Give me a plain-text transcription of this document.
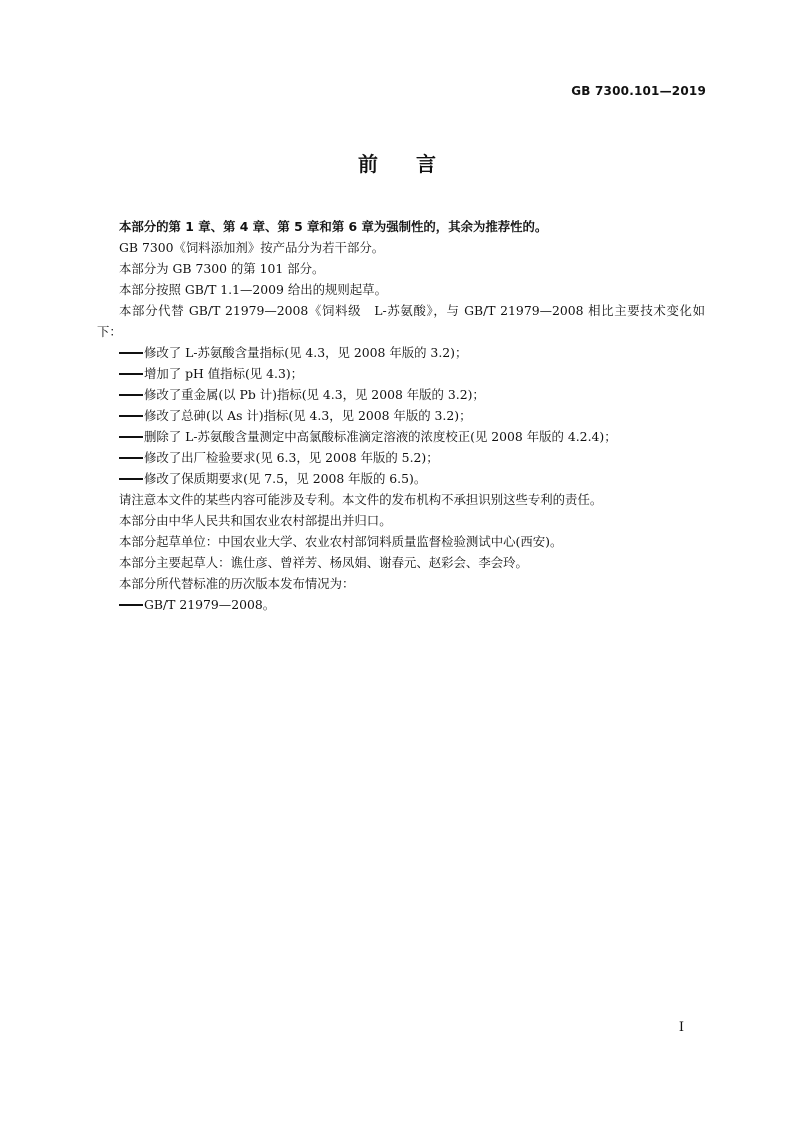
GB 7300.101—2019
前 言
本部分的第 1 章、第 4 章、第 5 章和第 6 章为强制性的，其余为推荐性的。
GB 7300《饲料添加剂》按产品分为若干部分。
本部分为 GB 7300 的第 101 部分。
本部分按照 GB/T 1.1—2009 给出的规则起草。
本部分代替 GB/T 21979—2008《饲料级　L-苏氨酸》，与 GB/T 21979—2008 相比主要技术变化如下：
修改了 L-苏氨酸含量指标(见 4.3，见 2008 年版的 3.2)；
增加了 pH 值指标(见 4.3)；
修改了重金属(以 Pb 计)指标(见 4.3，见 2008 年版的 3.2)；
修改了总砷(以 As 计)指标(见 4.3，见 2008 年版的 3.2)；
删除了 L-苏氨酸含量测定中高氯酸标准滴定溶液的浓度校正(见 2008 年版的 4.2.4)；
修改了出厂检验要求(见 6.3，见 2008 年版的 5.2)；
修改了保质期要求(见 7.5，见 2008 年版的 6.5)。
请注意本文件的某些内容可能涉及专利。本文件的发布机构不承担识别这些专利的责任。
本部分由中华人民共和国农业农村部提出并归口。
本部分起草单位：中国农业大学、农业农村部饲料质量监督检验测试中心(西安)。
本部分主要起草人：谯仕彦、曾祥芳、杨凤娟、谢春元、赵彩会、李会玲。
本部分所代替标准的历次版本发布情况为：
GB/T 21979—2008。
I
